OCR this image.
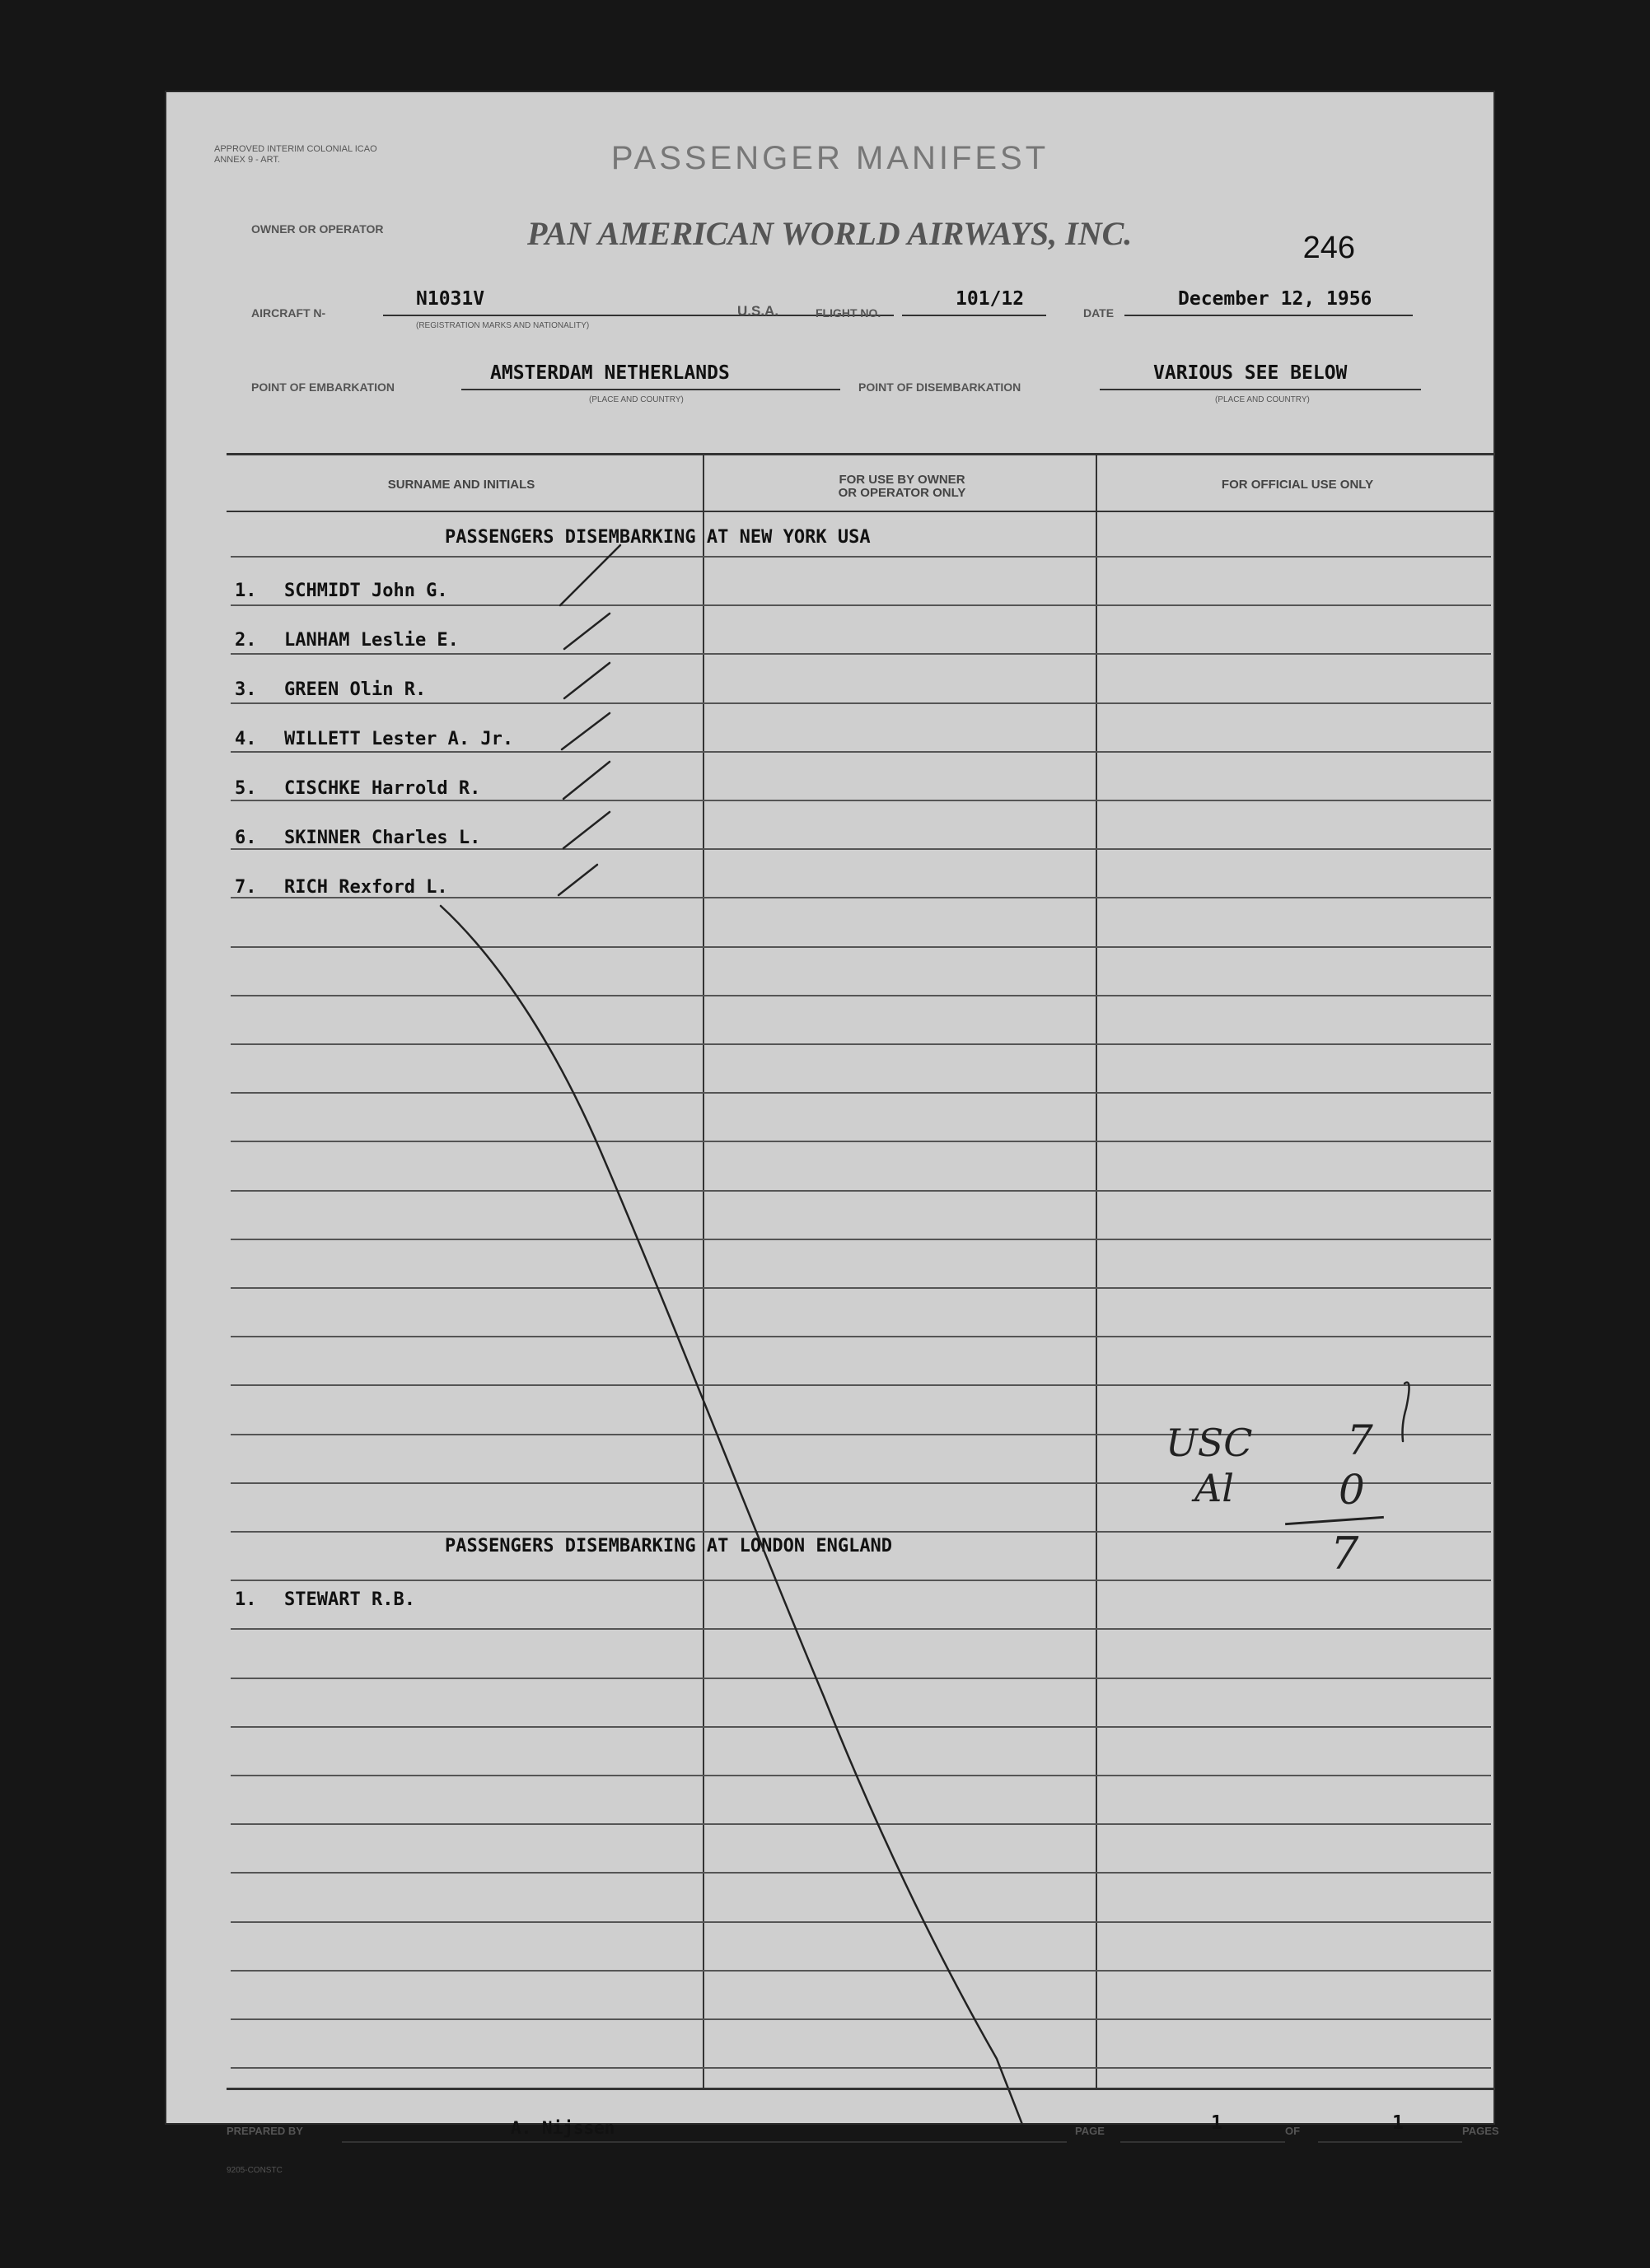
APPROVED INTERIM COLONIAL ICAO ANNEX 9 - ART.	PASSENGER MANIFEST
OWNER OR OPERATOR	PAN AMERICAN WORLD AIRWAYS, INC.	246
AIRCRAFT N-
N1031V
(REGISTRATION MARKS AND NATIONALITY)
U.S.A.	FLIGHT NO.
101/12
DATE
December 12, 1956
POINT OF EMBARKATION
AMSTERDAM NETHERLANDS
(PLACE AND COUNTRY)
POINT OF DISEMBARKATION
VARIOUS SEE BELOW
(PLACE AND COUNTRY)
SURNAME AND INITIALS	FOR USE BY OWNER
OR OPERATOR ONLY
FOR OFFICIAL USE ONLY
PASSENGERS DISEMBARKING AT NEW YORK USA
1. SCHMIDT John G.
2. LANHAM Leslie E.
3. GREEN Olin R.
4. WILLETT Lester A. Jr.
5. CISCHKE Harrold R.
6. SKINNER Charles L.
7. RICH Rexford L.
PASSENGERS DISEMBARKING AT LONDON ENGLAND
1. STEWART R.B.
USC 7
Al	0
7
PREPARED BY	A. Nijssen	PAGE	1	OF	1	PAGES
9205-CONSTC
